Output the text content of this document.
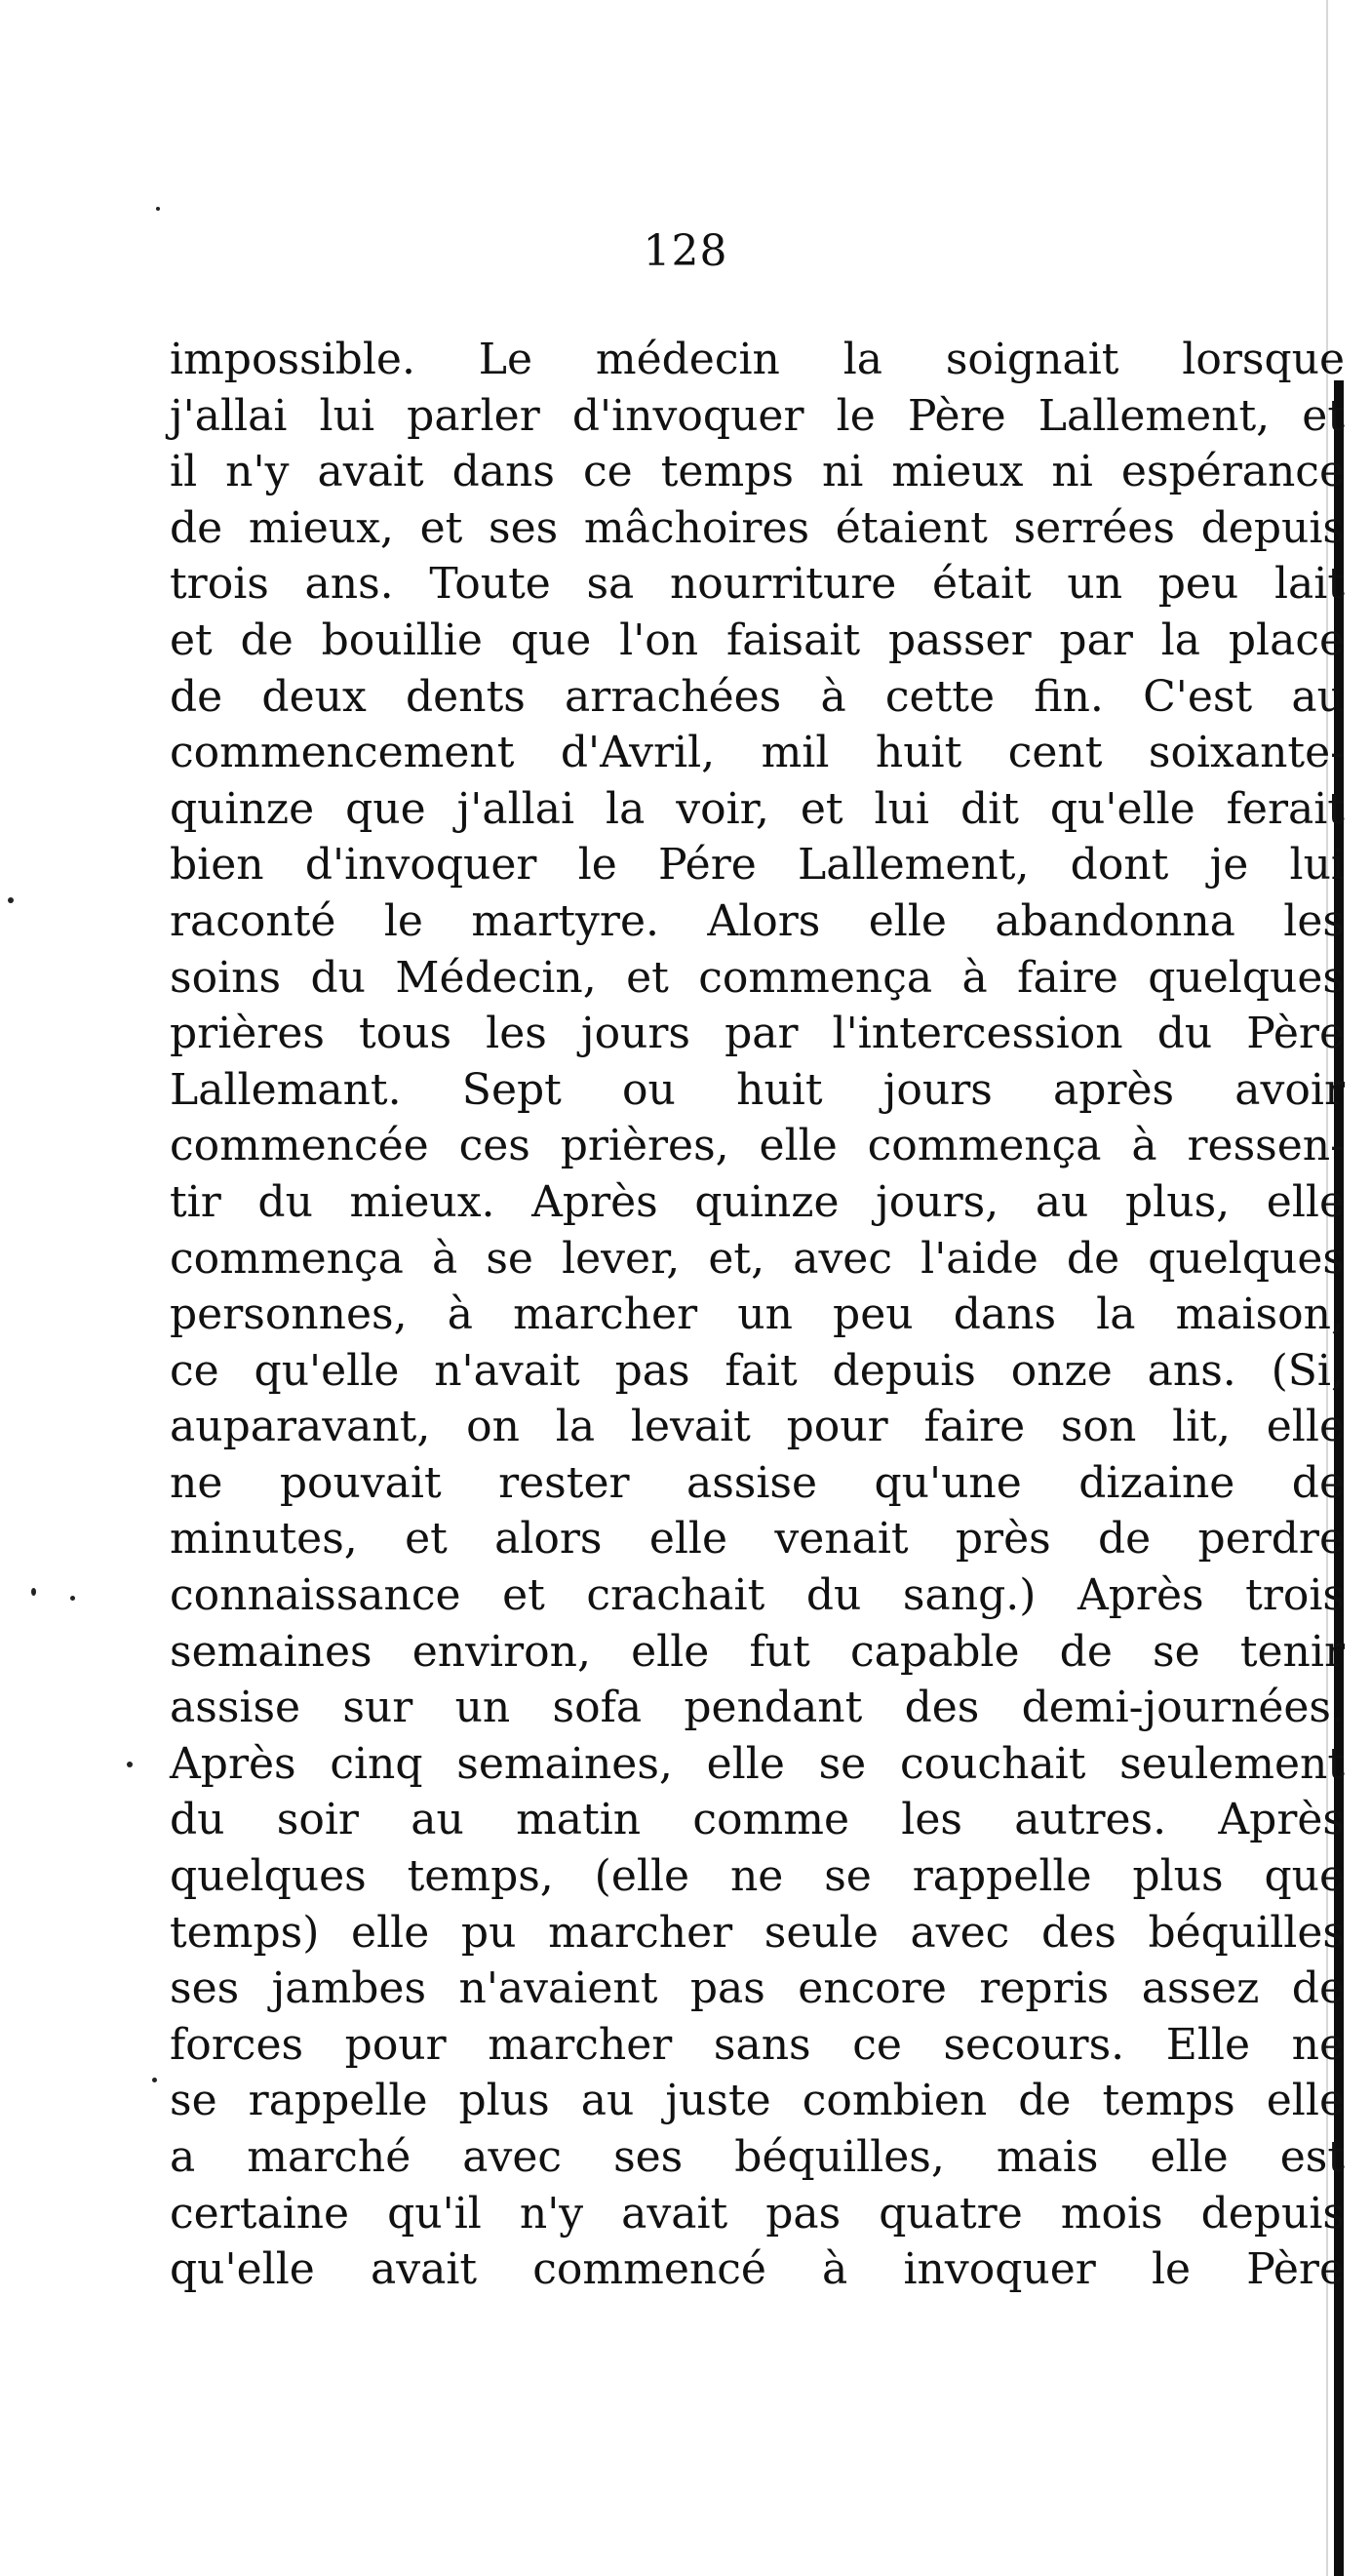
128
impossible. Le médecin la soignait lorsque
j'allai lui parler d'invoquer le Père Lallement, et
il n'y avait dans ce temps ni mieux ni espérance
de mieux, et ses mâchoires étaient serrées depuis
trois ans. Toute sa nourriture était un peu lait
et de bouillie que l'on faisait passer par la place
de deux dents arrachées à cette fin. C'est au
commencement d'Avril, mil huit cent soixante-
quinze que j'allai la voir, et lui dit qu'elle ferait
bien d'invoquer le Pére Lallement, dont je lui
raconté le martyre. Alors elle abandonna les
soins du Médecin, et commença à faire quelques
prières tous les jours par l'intercession du Père
Lallemant. Sept ou huit jours après avoir
commencée ces prières, elle commença à ressen-
tir du mieux. Après quinze jours, au plus, elle
commença à se lever, et, avec l'aide de quelques
personnes, à marcher un peu dans la maison,
ce qu'elle n'avait pas fait depuis onze ans. (Si,
auparavant, on la levait pour faire son lit, elle
ne pouvait rester assise qu'une dizaine de
minutes, et alors elle venait près de perdre
connaissance et crachait du sang.) Après trois
semaines environ, elle fut capable de se tenir
assise sur un sofa pendant des demi-journées.
Après cinq semaines, elle se couchait seulement
du soir au matin comme les autres. Après
quelques temps, (elle ne se rappelle plus que
temps) elle pu marcher seule avec des béquilles
ses jambes n'avaient pas encore repris assez de
forces pour marcher sans ce secours. Elle ne
se rappelle plus au juste combien de temps elle
a marché avec ses béquilles, mais elle est
certaine qu'il n'y avait pas quatre mois depuis
qu'elle avait commencé à invoquer le Père
